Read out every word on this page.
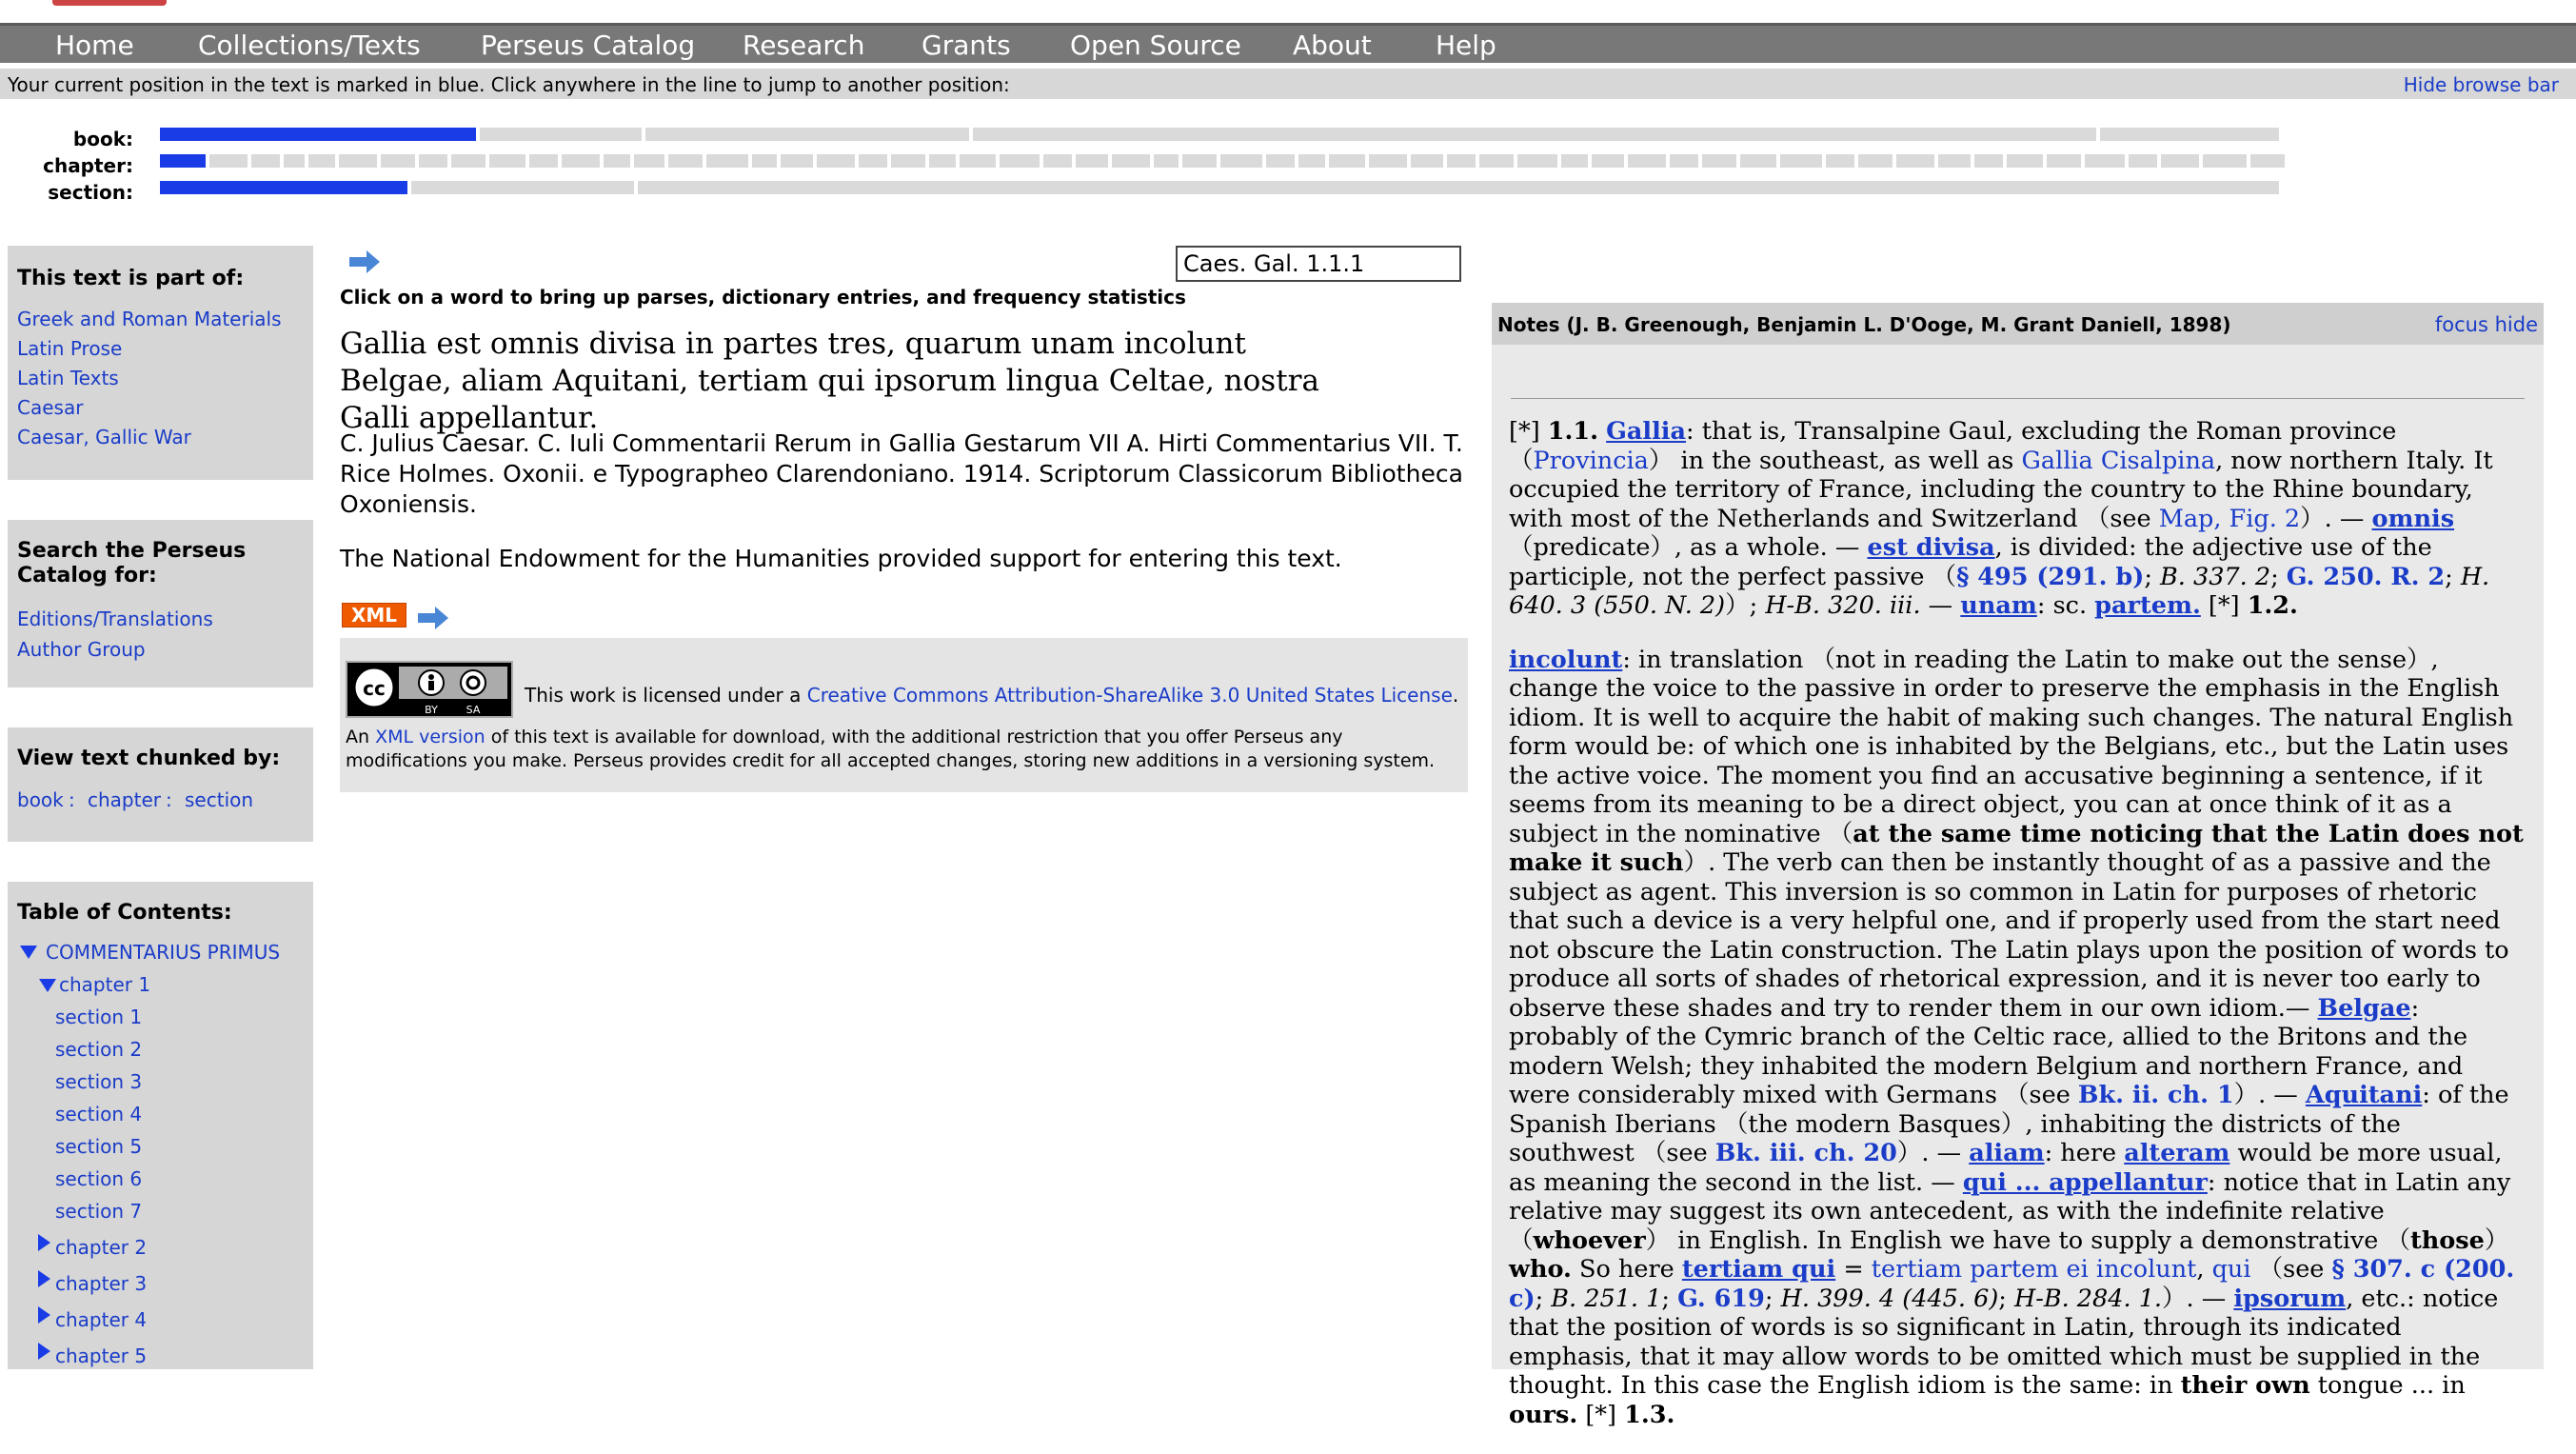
Home Collections/Texts Perseus Catalog Research Grants Open Source About Help
Your current position in the text is marked in blue. Click anywhere in the line to jump to another position:	Hide browse bar
book:
chapter:
section:
This text is part of:
Greek and Roman Materials
Latin Prose
Latin Texts
Caesar
Caesar, Gallic War
Search the Perseus Catalog for:
Editions/Translations
Author Group
View text chunked by:
book : chapter : section
Table of Contents:
COMMENTARIUS PRIMUS
chapter 1
section 1
section 2
section 3
section 4
section 5
section 6
section 7
chapter 2
chapter 3
chapter 4
chapter 5
Caes. Gal. 1.1.1
Click on a word to bring up parses, dictionary entries, and frequency statistics
Gallia est omnis divisa in partes tres, quarum unam incolunt Belgae, aliam Aquitani, tertiam qui ipsorum lingua Celtae, nostra Galli appellantur.
C. Julius Caesar. C. Iuli Commentarii Rerum in Gallia Gestarum VII A. Hirti Commentarius VII. T. Rice Holmes. Oxonii. e Typographeo Clarendoniano. 1914. Scriptorum Classicorum Bibliotheca Oxoniensis.
The National Endowment for the Humanities provided support for entering this text.
XML
cc
BY	SA
This work is licensed under a Creative Commons Attribution-ShareAlike 3.0 United States License.
An XML version of this text is available for download, with the additional restriction that you offer Perseus any modifications you make. Perseus provides credit for all accepted changes, storing new additions in a versioning system.
Notes (J. B. Greenough, Benjamin L. D'Ooge, M. Grant Daniell, 1898)	focus hide

[*] 1.1. Gallia: that is, Transalpine Gaul, excluding the Roman province （Provincia） in the southeast, as well as Gallia Cisalpina, now northern Italy. It occupied the territory of France, including the country to the Rhine boundary, with most of the Netherlands and Switzerland （see Map, Fig. 2）. — omnis （predicate）, as a whole. — est divisa, is divided: the adjective use of the participle, not the perfect passive （§ 495 (291. b); B. 337. 2; G. 250. R. 2; H. 640. 3 (550. N. 2)）; H-B. 320. iii. — unam: sc. partem. [*] 1.2.

incolunt: in translation （not in reading the Latin to make out the sense）, change the voice to the passive in order to preserve the emphasis in the English idiom. It is well to acquire the habit of making such changes. The natural English form would be: of which one is inhabited by the Belgians, etc., but the Latin uses the active voice. The moment you find an accusative beginning a sentence, if it seems from its meaning to be a direct object, you can at once think of it as a subject in the nominative （at the same time noticing that the Latin does not make it such）. The verb can then be instantly thought of as a passive and the subject as agent. This inversion is so common in Latin for purposes of rhetoric that such a device is a very helpful one, and if properly used from the start need not obscure the Latin construction. The Latin plays upon the position of words to produce all sorts of shades of rhetorical expression, and it is never too early to observe these shades and try to render them in our own idiom.— Belgae: probably of the Cymric branch of the Celtic race, allied to the Britons and the modern Welsh; they inhabited the modern Belgium and northern France, and were considerably mixed with Germans （see Bk. ii. ch. 1）. — Aquitani: of the Spanish Iberians （the modern Basques）, inhabiting the districts of the southwest （see Bk. iii. ch. 20）. — aliam: here alteram would be more usual, as meaning the second in the list. — qui ... appellantur: notice that in Latin any relative may suggest its own antecedent, as with the indefinite relative （whoever） in English. In English we have to supply a demonstrative （those） who. So here tertiam qui = tertiam partem ei incolunt, qui （see § 307. c (200. c); B. 251. 1; G. 619; H. 399. 4 (445. 6); H-B. 284. 1.）. — ipsorum, etc.: notice that the position of words is so significant in Latin, through its indicated emphasis, that it may allow words to be omitted which must be supplied in the thought. In this case the English idiom is the same: in their own tongue ... in ours. [*] 1.3.
